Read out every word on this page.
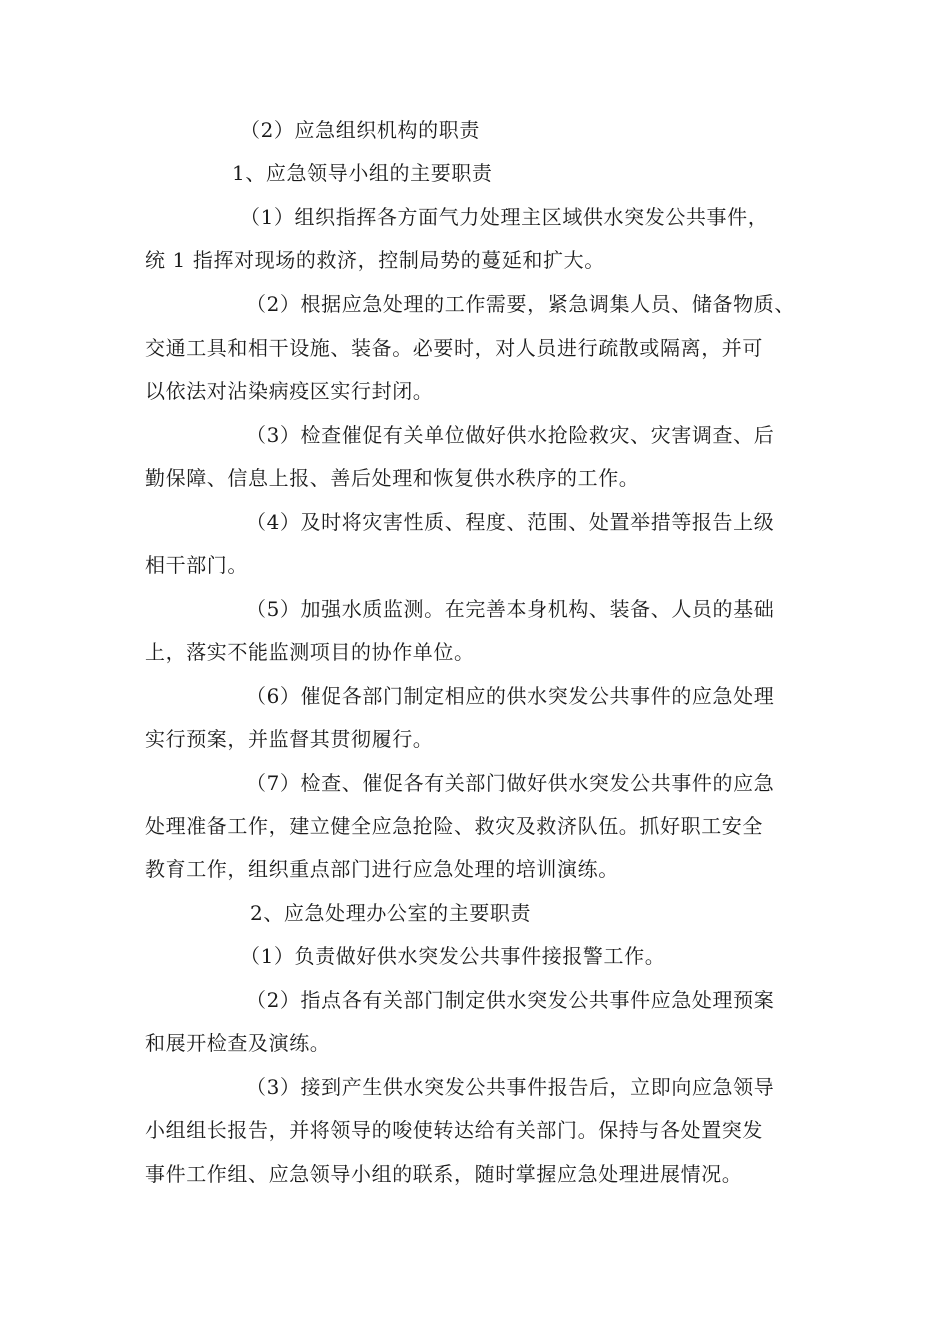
（2）应急组织机构的职责
1、应急领导小组的主要职责
（1）组织指挥各方面气力处理主区域供水突发公共事件，
统 1 指挥对现场的救济，控制局势的蔓延和扩大。
（2）根据应急处理的工作需要，紧急调集人员、储备物质、
交通工具和相干设施、装备。必要时，对人员进行疏散或隔离，并可
以依法对沾染病疫区实行封闭。
（3）检查催促有关单位做好供水抢险救灾、灾害调查、后
勤保障、信息上报、善后处理和恢复供水秩序的工作。
（4）及时将灾害性质、程度、范围、处置举措等报告上级
相干部门。
（5）加强水质监测。在完善本身机构、装备、人员的基础
上，落实不能监测项目的协作单位。
（6）催促各部门制定相应的供水突发公共事件的应急处理
实行预案，并监督其贯彻履行。
（7）检查、催促各有关部门做好供水突发公共事件的应急
处理准备工作，建立健全应急抢险、救灾及救济队伍。抓好职工安全
教育工作，组织重点部门进行应急处理的培训演练。
2、应急处理办公室的主要职责
（1）负责做好供水突发公共事件接报警工作。
（2）指点各有关部门制定供水突发公共事件应急处理预案
和展开检查及演练。
（3）接到产生供水突发公共事件报告后，立即向应急领导
小组组长报告，并将领导的唆使转达给有关部门。保持与各处置突发
事件工作组、应急领导小组的联系，随时掌握应急处理进展情况。
